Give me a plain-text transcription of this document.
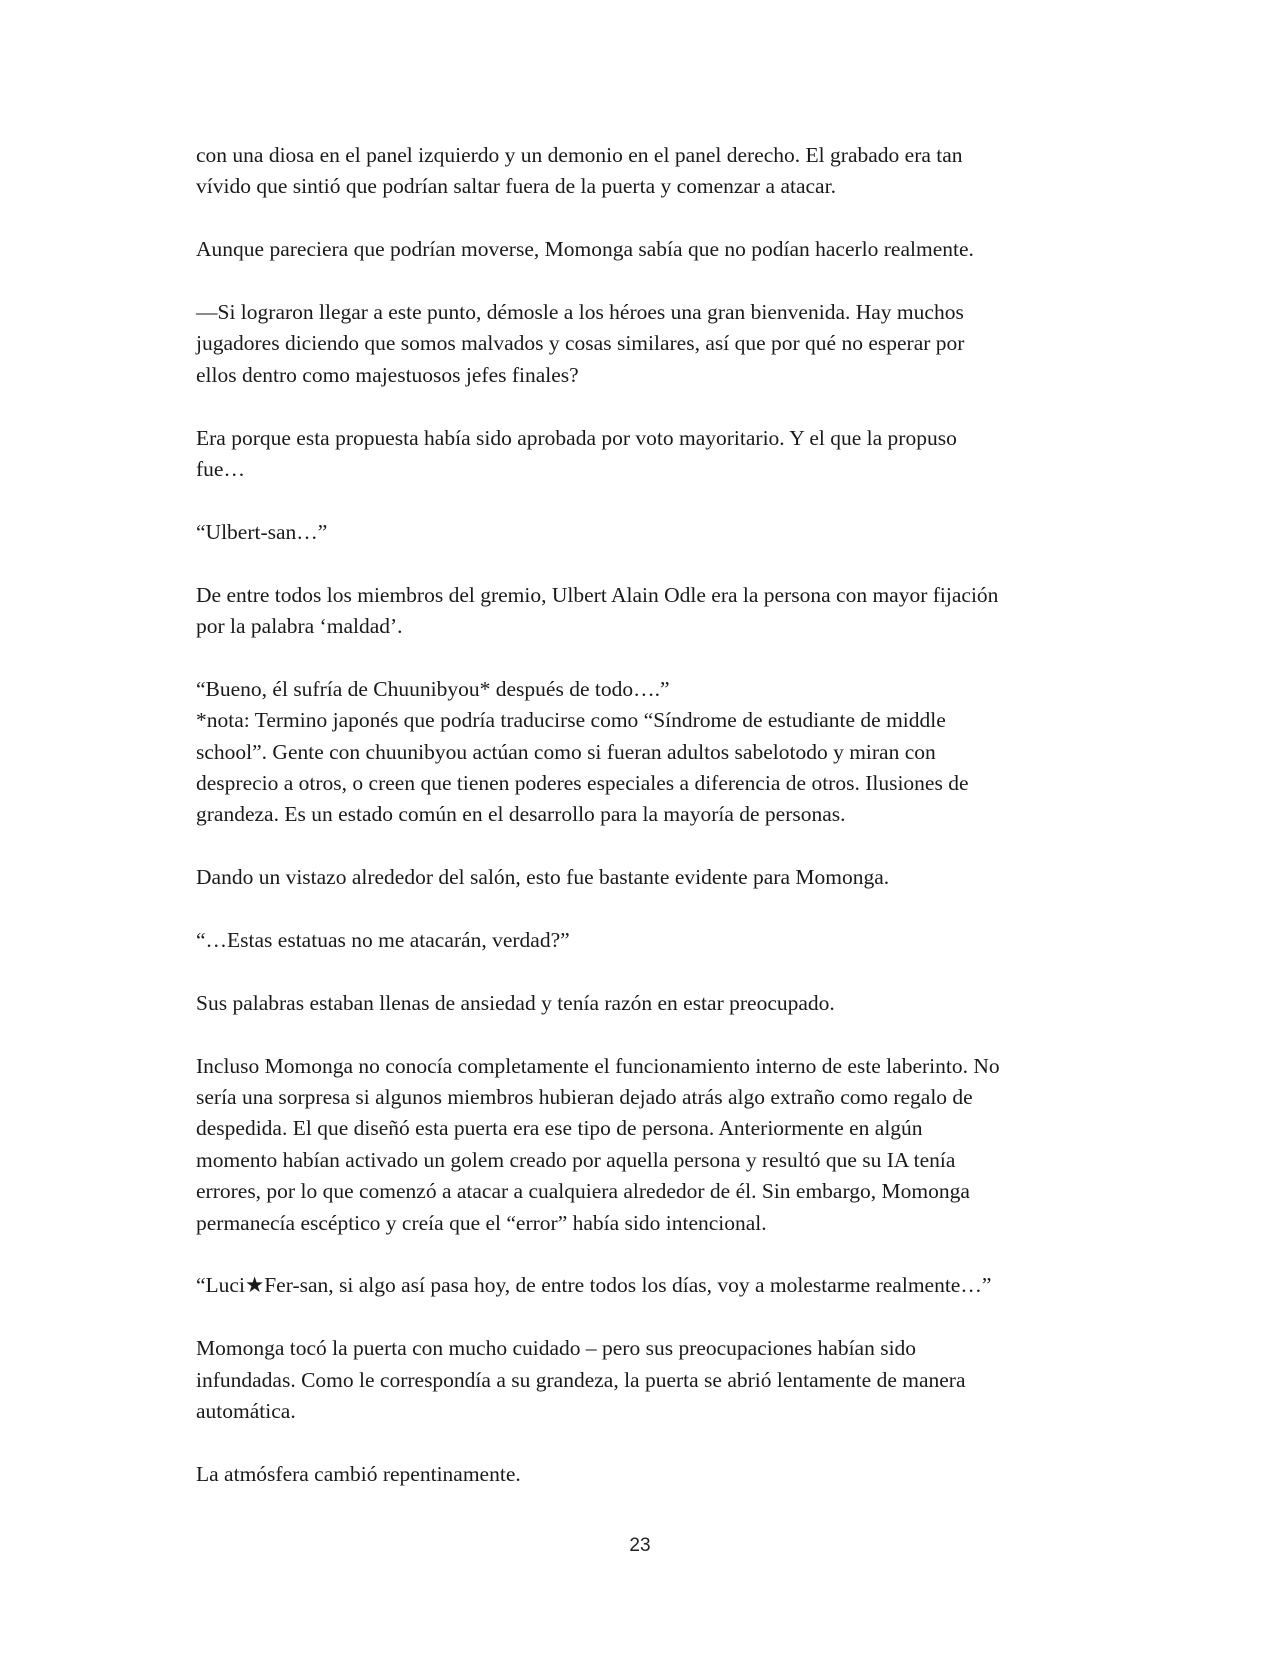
con una diosa en el panel izquierdo y un demonio en el panel derecho. El grabado era tan
vívido que sintió que podrían saltar fuera de la puerta y comenzar a atacar.

Aunque pareciera que podrían moverse, Momonga sabía que no podían hacerlo realmente.

—Si lograron llegar a este punto, démosle a los héroes una gran bienvenida. Hay muchos
jugadores diciendo que somos malvados y cosas similares, así que por qué no esperar por
ellos dentro como majestuosos jefes finales?

Era porque esta propuesta había sido aprobada por voto mayoritario. Y el que la propuso
fue…

“Ulbert-san…”

De entre todos los miembros del gremio, Ulbert Alain Odle era la persona con mayor fijación
por la palabra ‘maldad’.

“Bueno, él sufría de Chuunibyou* después de todo….”

*nota: Termino japonés que podría traducirse como “Síndrome de estudiante de middle
school”. Gente con chuunibyou actúan como si fueran adultos sabelotodo y miran con
desprecio a otros, o creen que tienen poderes especiales a diferencia de otros. Ilusiones de
grandeza. Es un estado común en el desarrollo para la mayoría de personas.

Dando un vistazo alrededor del salón, esto fue bastante evidente para Momonga.

“…Estas estatuas no me atacarán, verdad?”

Sus palabras estaban llenas de ansiedad y tenía razón en estar preocupado.

Incluso Momonga no conocía completamente el funcionamiento interno de este laberinto. No
sería una sorpresa si algunos miembros hubieran dejado atrás algo extraño como regalo de
despedida. El que diseñó esta puerta era ese tipo de persona. Anteriormente en algún
momento habían activado un golem creado por aquella persona y resultó que su IA tenía
errores, por lo que comenzó a atacar a cualquiera alrededor de él. Sin embargo, Momonga
permanecía escéptico y creía que el “error” había sido intencional.

“Luci★Fer-san, si algo así pasa hoy, de entre todos los días, voy a molestarme realmente…”

Momonga tocó la puerta con mucho cuidado – pero sus preocupaciones habían sido
infundadas. Como le correspondía a su grandeza, la puerta se abrió lentamente de manera
automática.

La atmósfera cambió repentinamente.

23
